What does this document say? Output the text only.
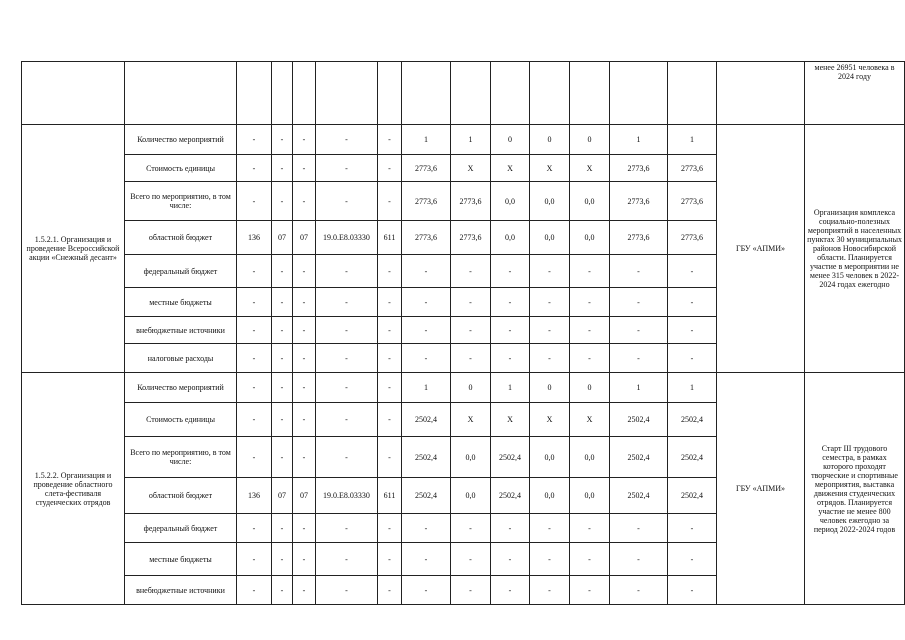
															менее 26951 человека в 2024 году
1.5.2.1. Организация и проведение Всероссийской акции «Снежный десант»	Количество мероприятий	-	-	-	-	-	1	1	0	0	0	1	1	ГБУ «АПМИ»	Организация комплекса социально-полезных мероприятий в населенных пунктах 30 муниципальных районов Новосибирской области. Планируется участие в мероприятии не менее 315 человек в 2022-2024 годах ежегодно
	Стоимость единицы	-	-	-	-	-	2773,6	X	X	X	X	2773,6	2773,6		
	Всего по мероприятию, в том числе:	-	-	-	-	-	2773,6	2773,6	0,0	0,0	0,0	2773,6	2773,6		
	областной бюджет	136	07	07	19.0.Е8.03330	611	2773,6	2773,6	0,0	0,0	0,0	2773,6	2773,6		
	федеральный бюджет	-	-	-	-	-	-	-	-	-	-	-	-		
	местные бюджеты	-	-	-	-	-	-	-	-	-	-	-	-		
	внебюджетные источники	-	-	-	-	-	-	-	-	-	-	-	-		
	налоговые расходы	-	-	-	-	-	-	-	-	-	-	-	-		
1.5.2.2. Организация и проведение областного слета-фестиваля студенческих отрядов	Количество мероприятий	-	-	-	-	-	1	0	1	0	0	1	1	ГБУ «АПМИ»	Старт III трудового семестра, в рамках которого проходят творческие и спортивные мероприятия, выставка движения студенческих отрядов. Планируется участие не менее 800 человек ежегодно за период 2022-2024 годов
	Стоимость единицы	-	-	-	-	-	2502,4	X	X	X	X	2502,4	2502,4		
	Всего по мероприятию, в том числе:	-	-	-	-	-	2502,4	0,0	2502,4	0,0	0,0	2502,4	2502,4		
	областной бюджет	136	07	07	19.0.Е8.03330	611	2502,4	0,0	2502,4	0,0	0,0	2502,4	2502,4		
	федеральный бюджет	-	-	-	-	-	-	-	-	-	-	-	-		
	местные бюджеты	-	-	-	-	-	-	-	-	-	-	-	-		
	внебюджетные источники	-	-	-	-	-	-	-	-	-	-	-	-		
